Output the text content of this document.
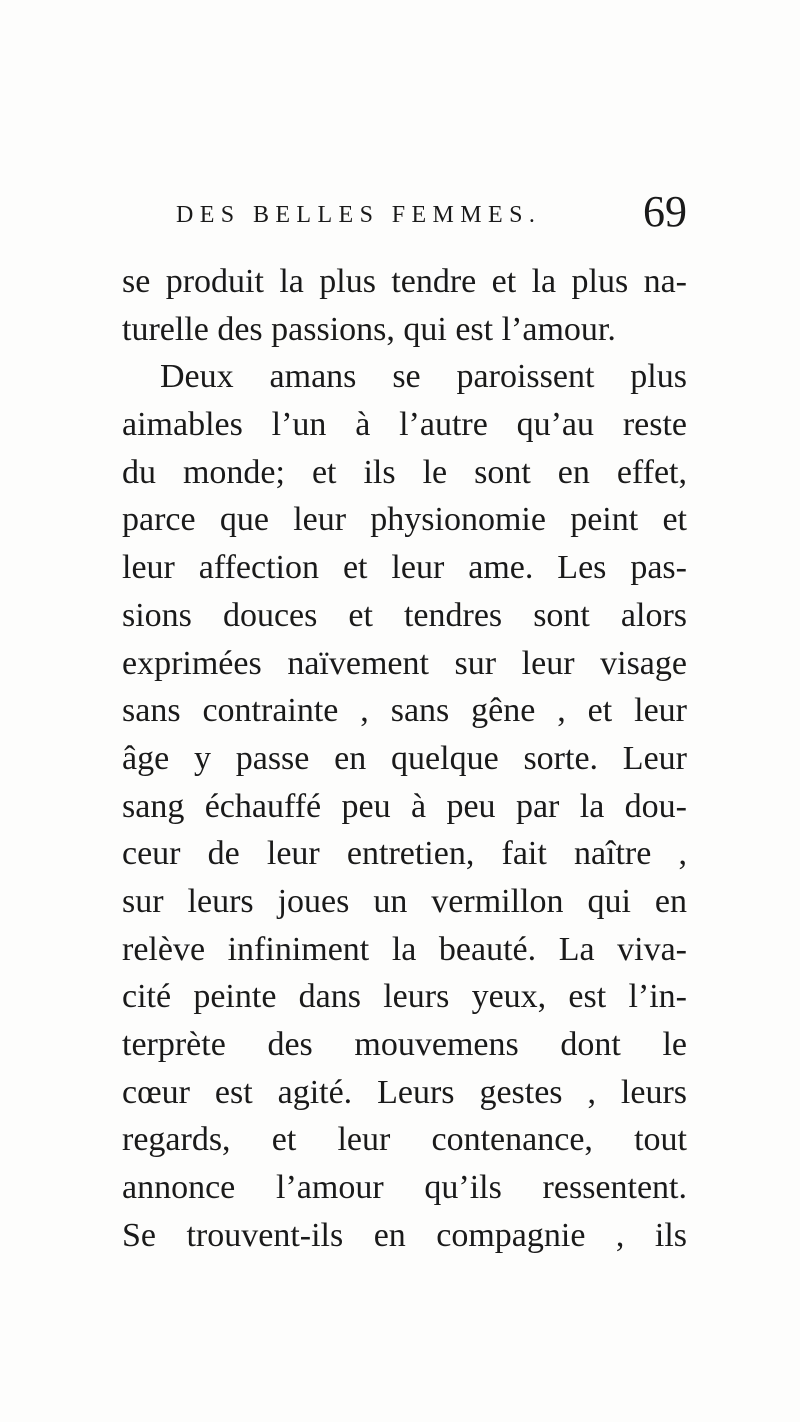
DES BELLES FEMMES. 69
se produit la plus tendre et la plus na-
turelle des passions, qui est l’amour.
Deux amans se paroissent plus
aimables l’un à l’autre qu’au reste
du monde; et ils le sont en effet,
parce que leur physionomie peint et
leur affection et leur ame. Les pas-
sions douces et tendres sont alors
exprimées naïvement sur leur visage
sans contrainte , sans gêne , et leur
âge y passe en quelque sorte. Leur
sang échauffé peu à peu par la dou-
ceur de leur entretien, fait naître ,
sur leurs joues un vermillon qui en
relève infiniment la beauté. La viva-
cité peinte dans leurs yeux, est l’in-
terprète des mouvemens dont le
cœur est agité. Leurs gestes , leurs
regards, et leur contenance, tout
annonce l’amour qu’ils ressentent.
Se trouvent-ils en compagnie , ils
